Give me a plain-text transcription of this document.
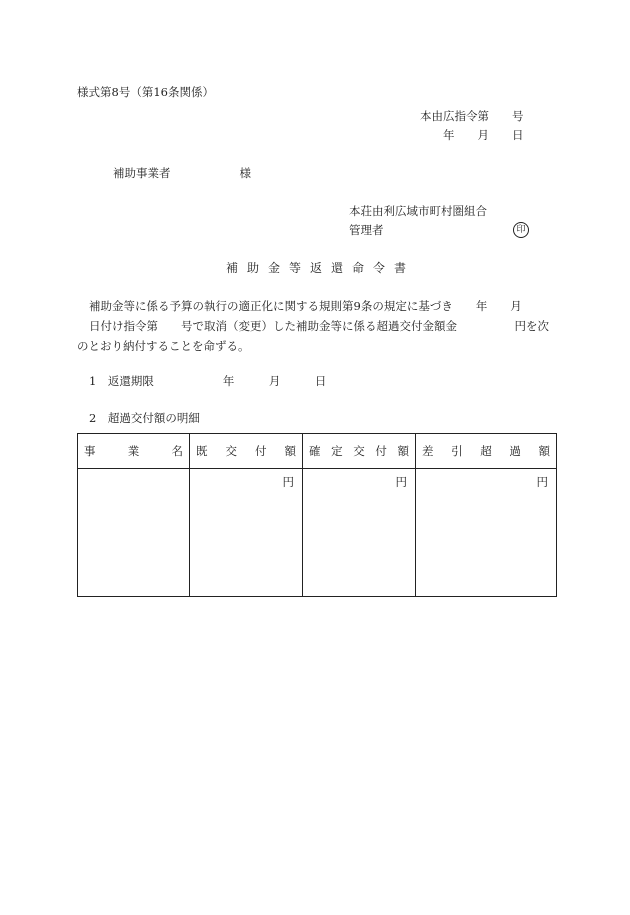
様式第8号（第16条関係）
本由広指令第　　号
年　　月　　日
補助事業者　　　　　　様
本荘由利広域市町村圏組合
管理者	印
補助金等返還命令書
補助金等に係る予算の執行の適正化に関する規則第9条の規定に基づき　　年　　月
日付け指令第　　号で取消（変更）した補助金等に係る超過交付金額金　　　　　円を次
のとおり納付することを命ずる。
1　返還期限　　　　　　年　　　月　　　日
2　超過交付額の明細
事業名	既交付額	確定交付額	差引超過額
	円	円	円
